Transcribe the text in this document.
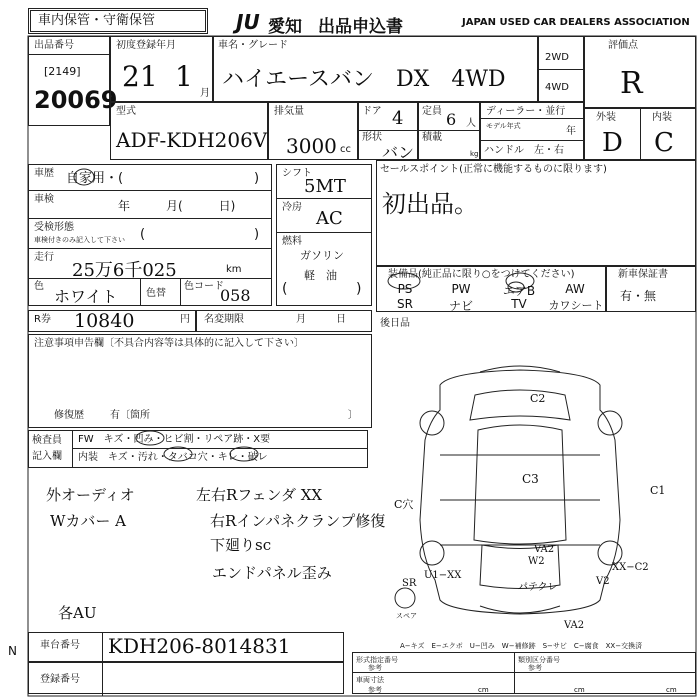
車内保管・守衛保管	JU 愛知 出品申込書	JAPAN USED CAR DEALERS ASSOCIATION
出品番号
[2149]
20069
初度登録年月
21 1
月
車名・グレード
ハイエースバン　DX　4WD
2WD
4WD
評価点
R
型式
ADF-KDH206V
排気量
3000 cc
ドア 4
形状
バン
定員 6 人
積載
kg
ディーラー・並行
モデル年式	年
ハンドル　左・右
外装	内装
D C
車歴 自家用・(	)
車検	年　　　月(　　　日)
受検形態
車検付きのみ記入して下さい (	)
走行
25万6千025	km
色
ホワイト	色替
色コード
058
シフト
5MT
冷房
AC
燃料
ガソリン
軽　油
(	)
セールスポイント(正常に機能するものに限ります)
初出品。
装備品(純正品に限り○をつけてください)
PS	PW	エアB	AW
SR	ナビ	TV	カワシート
新車保証書
有・無
R券 10840	円 名変期限	月　　　日	後日品
注意事項申告欄〔不具合内容等は具体的に記入して下さい〕
修復歴	有〔箇所	〕
検査員
記入欄
FW　キズ・凹み・ヒビ割・リペア跡・X要
内装　キズ・汚れ・タバコ穴・キレ・破レ
外オーディオ	左右Rフェンダ XX
Wカバー A	右Rインパネクランプ修復
下廻りsc
エンドパネル歪み
各AU
C2
C3
C穴
C1
VA2
W2
パテクレ
XX−C2
V2
U1−XX
SR
スペア
VA2
A−キズ　E−エクボ　U−凹み　W−補修跡　S−サビ　C−腐食　XX−交換済
車台番号 KDH206-8014831
登録番号
N
形式指定番号	類別区分番号
参考	参考
車両寸法
参考	cm	cm	cm
